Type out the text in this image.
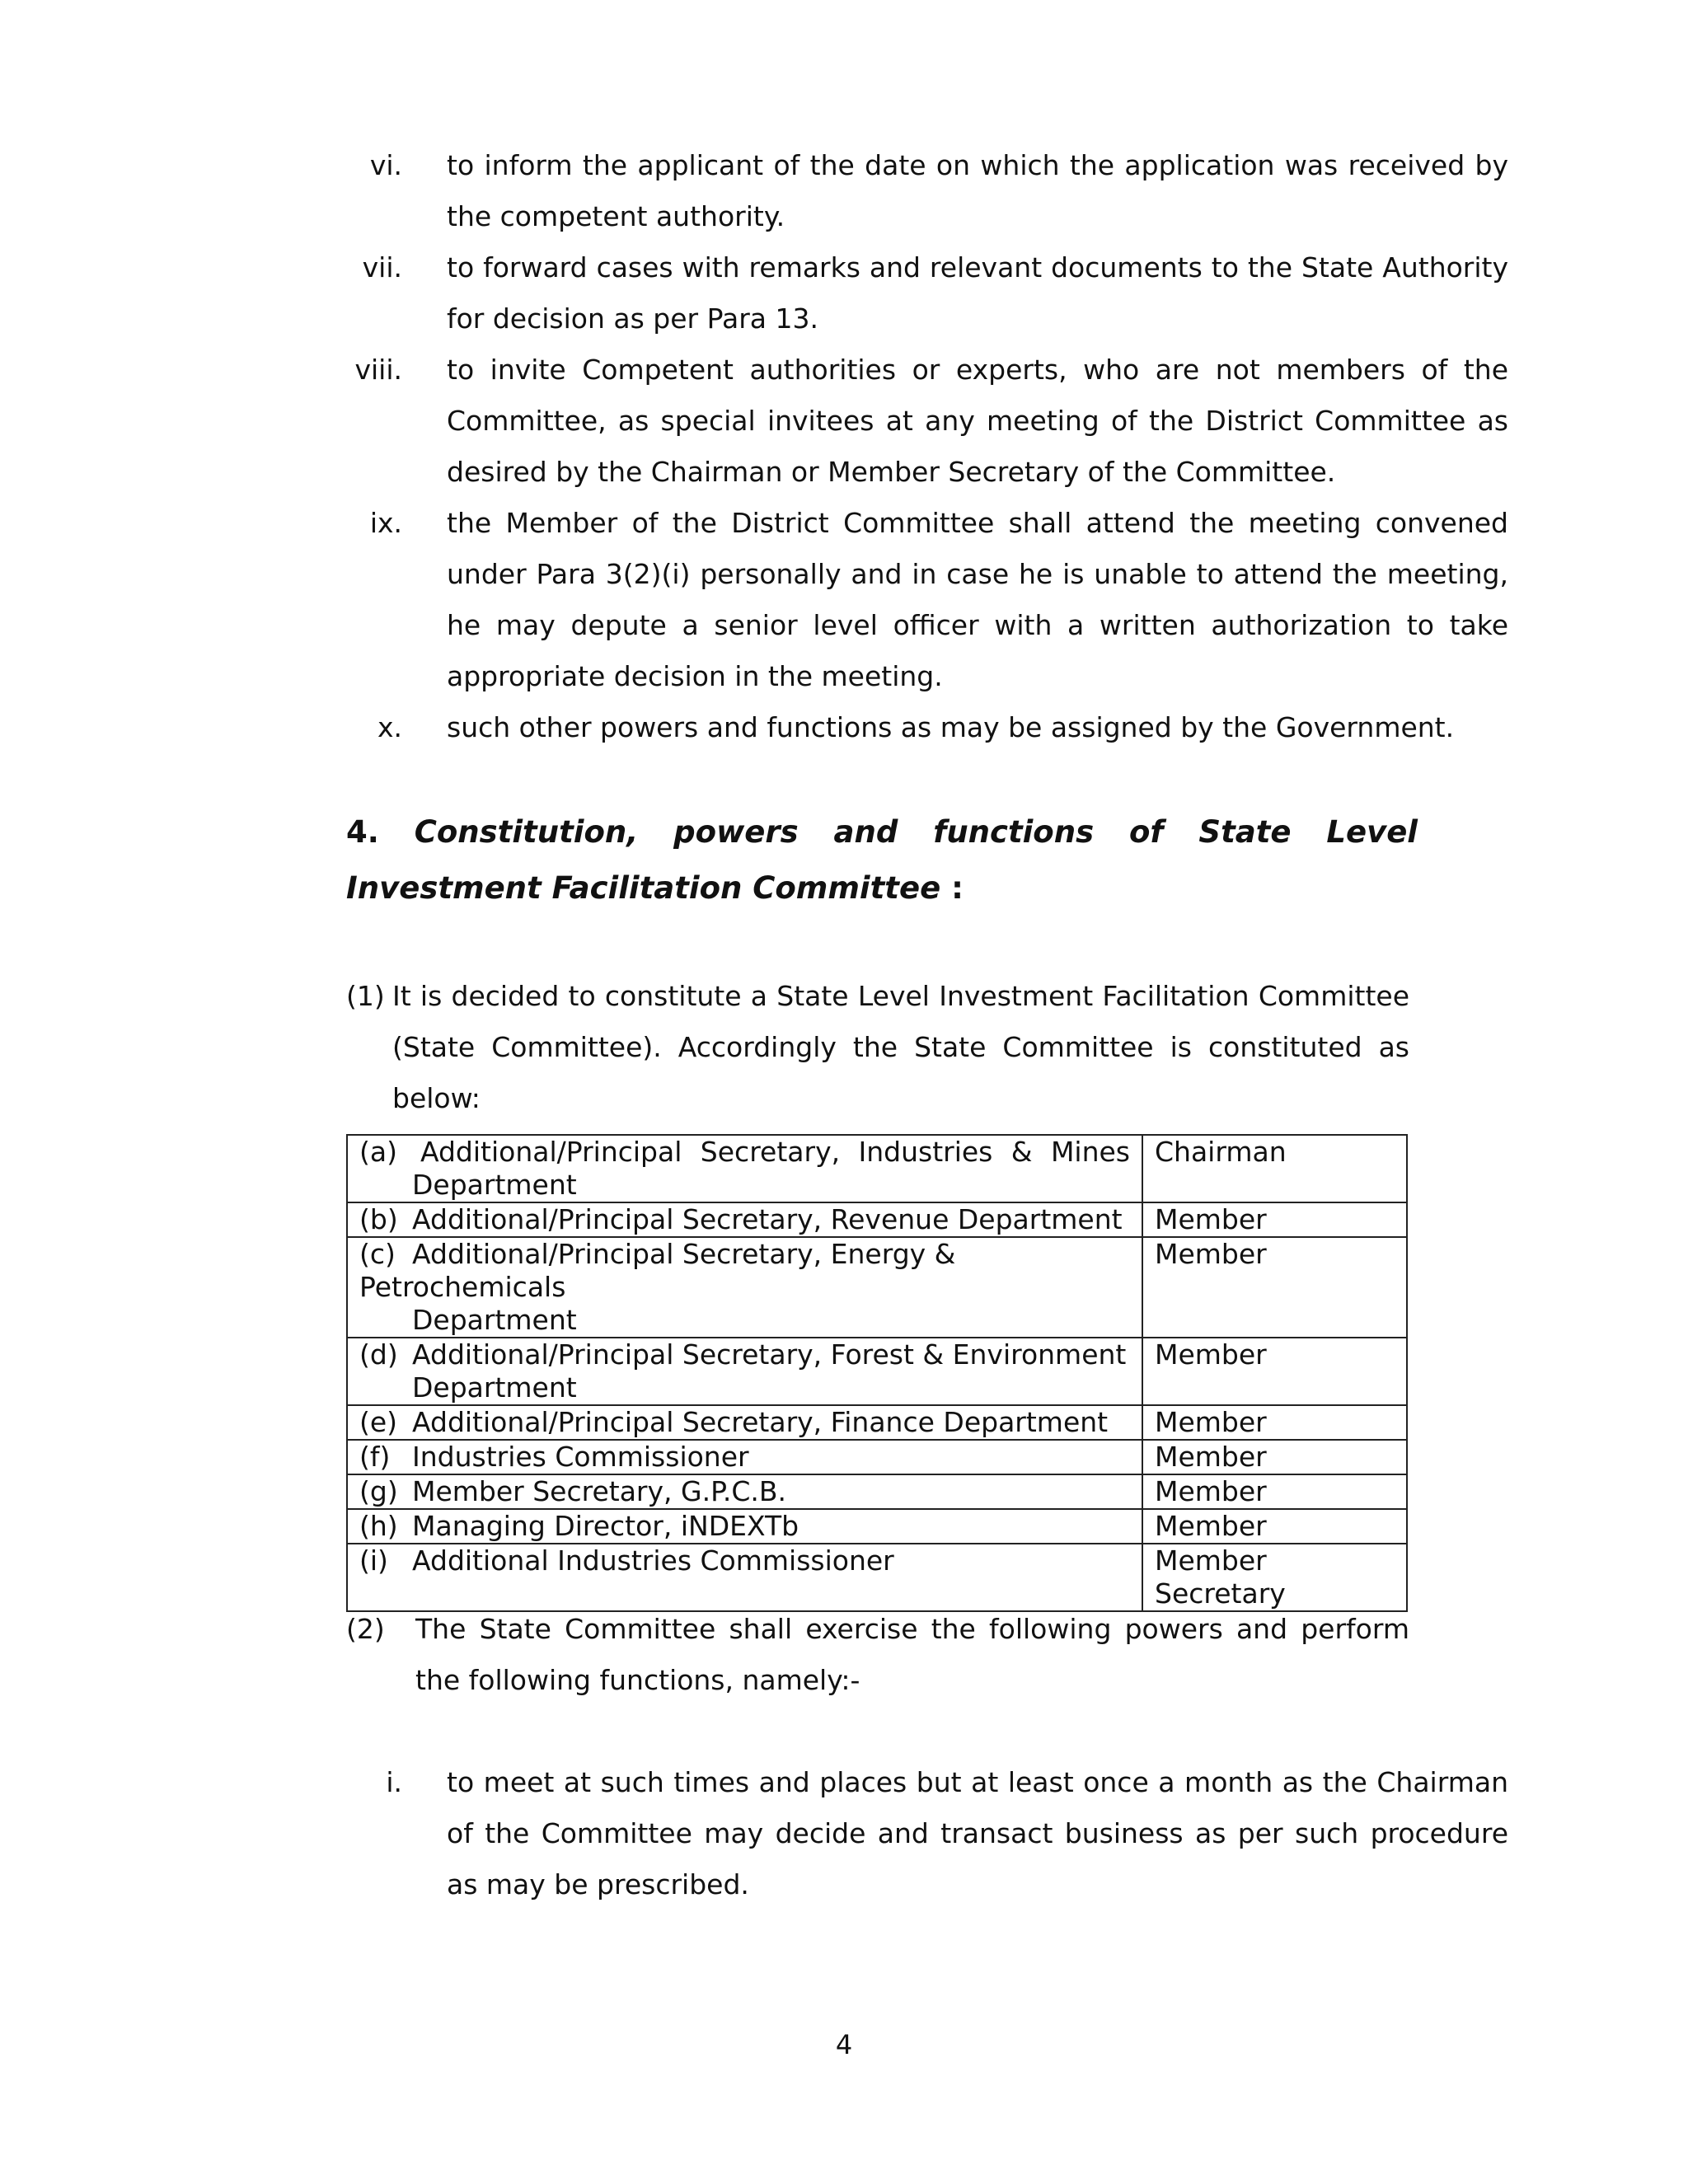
vi. to inform the applicant of the date on which the application was received by the competent authority.
vii. to forward cases with remarks and relevant documents to the State Authority for decision as per Para 13.
viii. to invite Competent authorities or experts, who are not members of the Committee, as special invitees at any meeting of the District Committee as desired by the Chairman or Member Secretary of the Committee.
ix. the Member of the District Committee shall attend the meeting convened under Para 3(2)(i) personally and in case he is unable to attend the meeting, he may depute a senior level officer with a written authorization to take appropriate decision in the meeting.
x. such other powers and functions as may be assigned by the Government.
4. Constitution, powers and functions of State Level Investment Facilitation Committee :
(1) It is decided to constitute a State Level Investment Facilitation Committee (State Committee). Accordingly the State Committee is constituted as below:
(a) Additional/Principal Secretary, Industries & Mines
Department	Chairman
(b) Additional/Principal Secretary, Revenue Department	Member
(c) Additional/Principal Secretary, Energy & Petrochemicals
Department	Member
(d) Additional/Principal Secretary, Forest & Environment
Department	Member
(e) Additional/Principal Secretary, Finance Department	Member
(f) Industries Commissioner	Member
(g) Member Secretary, G.P.C.B.	Member
(h) Managing Director, iNDEXTb	Member
(i) Additional Industries Commissioner	Member Secretary
(2)	The State Committee shall exercise the following powers and perform the following functions, namely:-
i. to meet at such times and places but at least once a month as the Chairman of the Committee may decide and transact business as per such procedure as may be prescribed.
4
